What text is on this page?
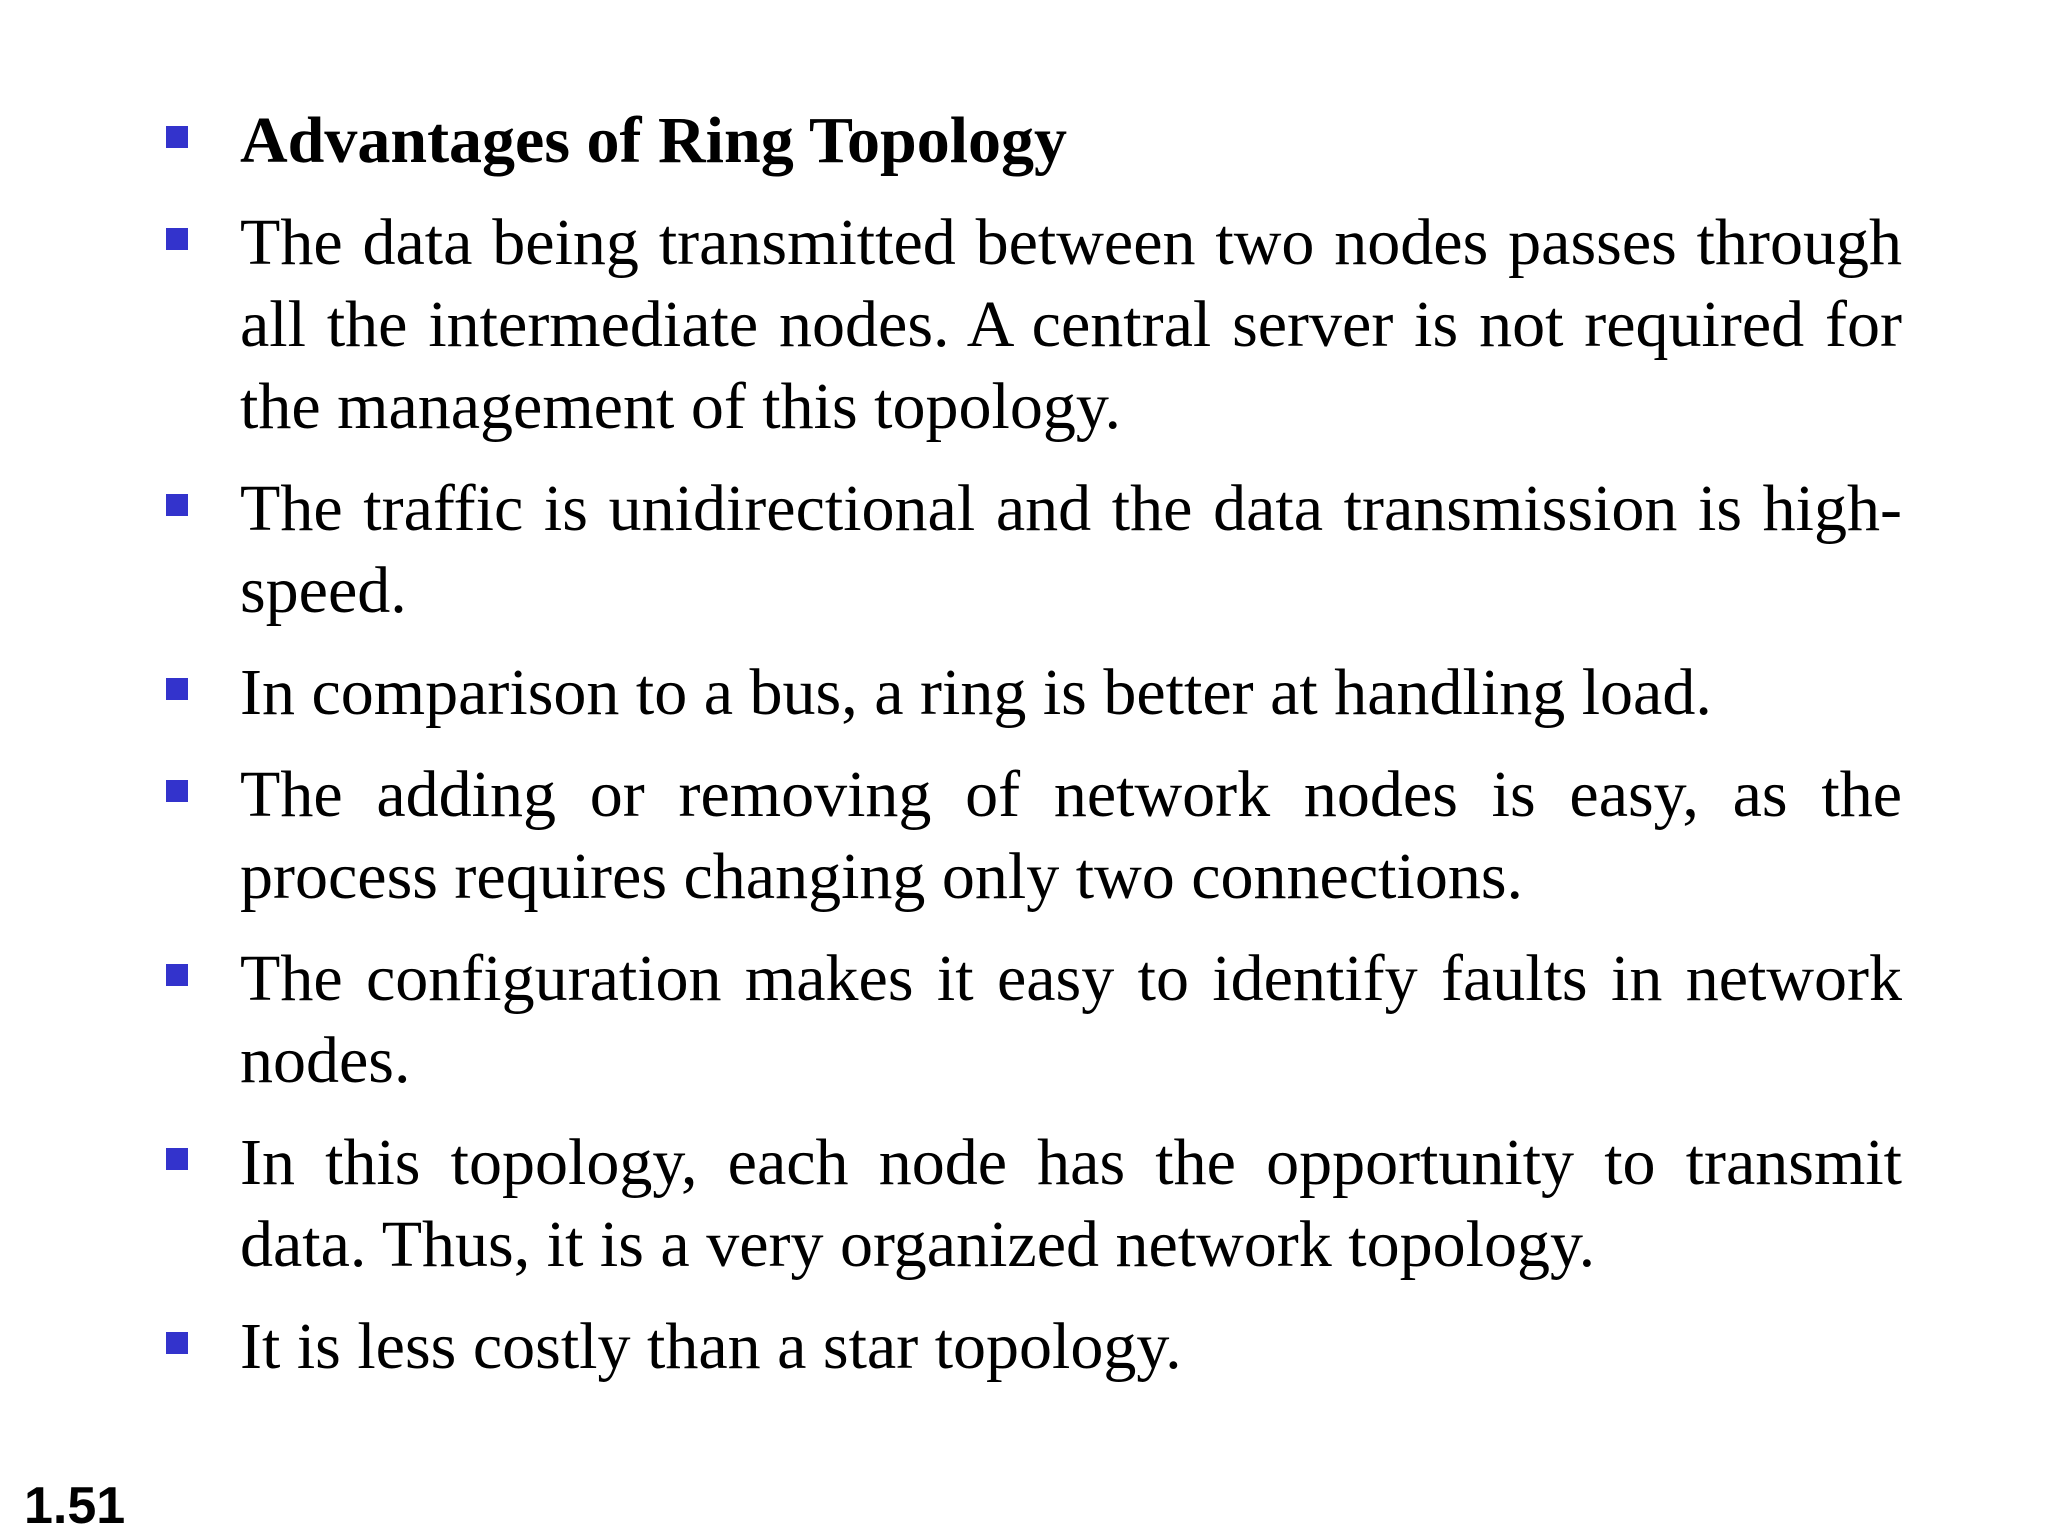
Advantages of Ring Topology
The data being transmitted between two nodes passes through all the intermediate nodes. A central server is not required for the management of this topology.
The traffic is unidirectional and the data transmission is high-speed.
In comparison to a bus, a ring is better at handling load.
The adding or removing of network nodes is easy, as the process requires changing only two connections.
The configuration makes it easy to identify faults in network nodes.
In this topology, each node has the opportunity to transmit data. Thus, it is a very organized network topology.
It is less costly than a star topology.
1.51
